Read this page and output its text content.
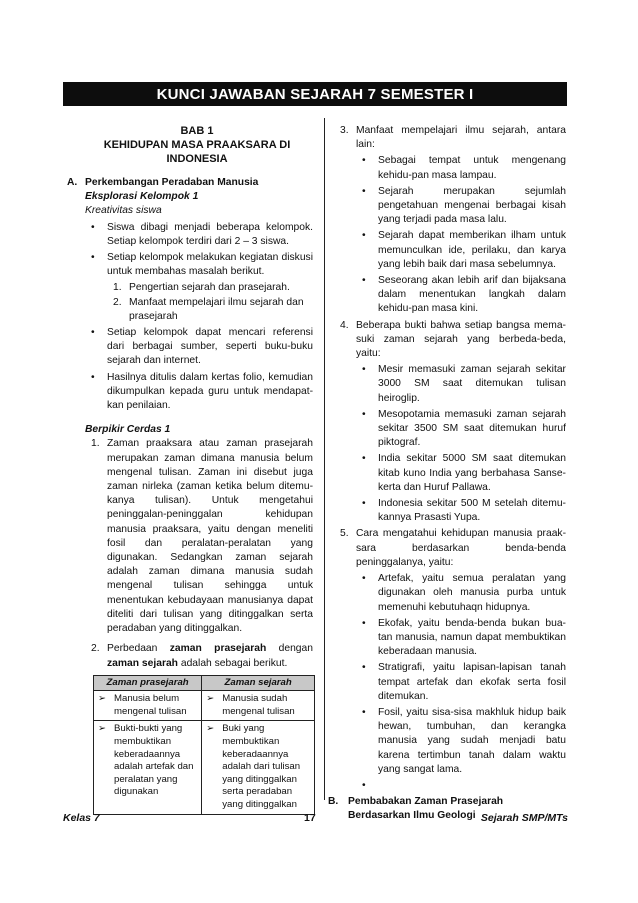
KUNCI JAWABAN SEJARAH 7 SEMESTER I
BAB 1
KEHIDUPAN MASA PRAAKSARA DI
INDONESIA
A. Perkembangan Peradaban Manusia

Eksplorasi Kelompok 1

Kreativitas siswa

• Siswa dibagi menjadi beberapa kelompok. Setiap kelompok terdiri dari 2 – 3 siswa.
• Setiap kelompok melakukan kegiatan diskusi untuk membahas masalah berikut.
1. Pengertian sejarah dan prasejarah.
2. Manfaat mempelajari ilmu sejarah dan prasejarah
• Setiap kelompok dapat mencari referensi dari berbagai sumber, seperti buku-buku sejarah dan internet.
• Hasilnya ditulis dalam kertas folio, kemudian dikumpulkan kepada guru untuk mendapat-kan penilaian.

Berpikir Cerdas 1

1. Zaman praaksara atau zaman prasejarah merupakan zaman dimana manusia belum mengenal tulisan. Zaman ini disebut juga zaman nirleka (zaman ketika belum ditemu-kanya tulisan). Untuk mengetahui peninggalan-peninggalan kehidupan manusia praaksara, yaitu dengan meneliti fosil dan peralatan-peralatan yang digunakan. Sedangkan zaman sejarah adalah zaman dimana manusia sudah mengenal tulisan sehingga untuk menentukan kebudayaan manusianya dapat diteliti dari tulisan yang ditinggalkan serta peradaban yang ditinggalkan.
2. Perbedaan zaman prasejarah dengan zaman sejarah adalah sebagai berikut.
Zaman prasejarah	Zaman sejarah

➢ Manusia belum mengenal tulisan	➢ Manusia sudah mengenal tulisan

➢ Bukti-bukti yang membuktikan keberadaannya adalah artefak dan peralatan yang digunakan	➢ Buki yang membuktikan keberadaannya adalah dari tulisan yang ditinggalkan serta peradaban yang ditinggalkan
3. Manfaat mempelajari ilmu sejarah, antara lain:
• Sebagai tempat untuk mengenang kehidu-pan masa lampau.
• Sejarah merupakan sejumlah pengetahuan mengenai berbagai kisah yang terjadi pada masa lalu.
• Sejarah dapat memberikan ilham untuk memunculkan ide, perilaku, dan karya yang lebih baik dari masa sebelumnya.
• Seseorang akan lebih arif dan bijaksana dalam menentukan langkah dalam kehidu-pan masa kini.
4. Beberapa bukti bahwa setiap bangsa mema-suki zaman sejarah yang berbeda-beda, yaitu:
• Mesir memasuki zaman sejarah sekitar 3000 SM saat ditemukan tulisan heiroglip.
• Mesopotamia memasuki zaman sejarah sekitar 3500 SM saat ditemukan huruf piktograf.
• India sekitar 5000 SM saat ditemukan kitab kuno India yang berbahasa Sanse-kerta dan Huruf Pallawa.
• Indonesia sekitar 500 M setelah ditemu-kannya Prasasti Yupa.
5. Cara mengatahui kehidupan manusia praak-sara berdasarkan benda-benda peninggalanya, yaitu:
• Artefak, yaitu semua peralatan yang digunakan oleh manusia purba untuk memenuhi kebutuhaqn hidupnya.
• Ekofak, yaitu benda-benda bukan bua-tan manusia, namun dapat membuktikan keberadaan manusia.
• Stratigrafi, yaitu lapisan-lapisan tanah tempat artefak dan ekofak serta fosil ditemukan.
• Fosil, yaitu sisa-sisa makhluk hidup baik hewan, tumbuhan, dan kerangka manusia yang sudah menjadi batu karena tertimbun tanah dalam waktu yang sangat lama.
•
B. Pembabakan Zaman Prasejarah Berdasarkan Ilmu Geologi
Kelas 7	17	Sejarah SMP/MTs
